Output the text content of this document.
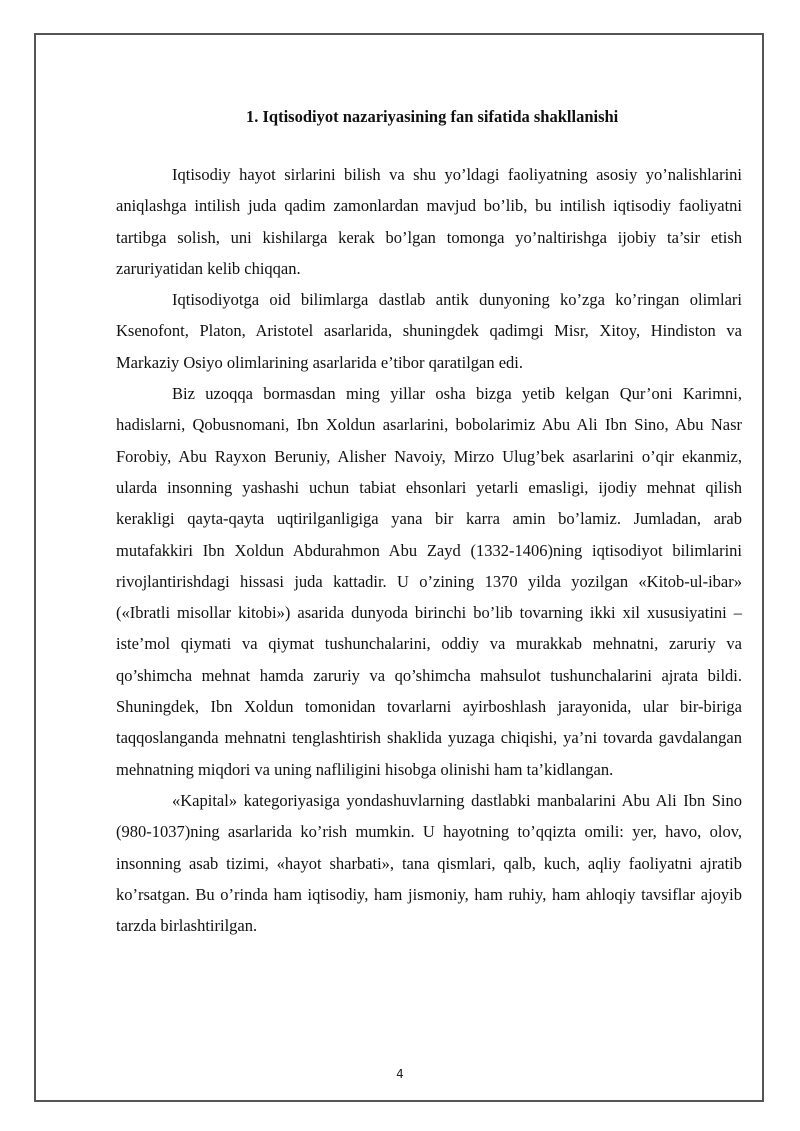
1. Iqtisodiyot nazariyasining fan sifatida shakllanishi

Iqtisodiy hayot sirlarini bilish va shu yo’ldagi faoliyatning asosiy yo’nalishlarini aniqlashga intilish juda qadim zamonlardan mavjud bo’lib, bu intilish iqtisodiy faoliyatni tartibga solish, uni kishilarga kerak bo’lgan tomonga yo’naltirishga ijobiy ta’sir etish zaruriyatidan kelib chiqqan.

Iqtisodiyotga oid bilimlarga dastlab antik dunyoning ko’zga ko’ringan olimlari Ksenofont, Platon, Aristotel asarlarida, shuningdek qadimgi Misr, Xitoy, Hindiston va Markaziy Osiyo olimlarining asarlarida e’tibor qaratilgan edi.

Biz uzoqqa bormasdan ming yillar osha bizga yetib kelgan Qur’oni Karimni, hadislarni, Qobusnomani, Ibn Xoldun asarlarini, bobolarimiz Abu Ali Ibn Sino, Abu Nasr Forobiy, Abu Rayxon Beruniy, Alisher Navoiy, Mirzo Ulug’bek asarlarini o’qir ekanmiz, ularda insonning yashashi uchun tabiat ehsonlari yetarli emasligi, ijodiy mehnat qilish kerakligi qayta-qayta uqtirilganligiga yana bir karra amin bo’lamiz. Jumladan, arab mutafakkiri Ibn Xoldun Abdurahmon Abu Zayd (1332-1406)ning iqtisodiyot bilimlarini rivojlantirishdagi hissasi juda kattadir. U o’zining 1370 yilda yozilgan «Kitob-ul-ibar» («Ibratli misollar kitobi») asarida dunyoda birinchi bo’lib tovarning ikki xil xususiyatini – iste’mol qiymati va qiymat tushunchalarini, oddiy va murakkab mehnatni, zaruriy va qo’shimcha mehnat hamda zaruriy va qo’shimcha mahsulot tushunchalarini ajrata bildi. Shuningdek, Ibn Xoldun tomonidan tovarlarni ayirboshlash jarayonida, ular bir-biriga taqqoslanganda mehnatni tenglashtirish shaklida yuzaga chiqishi, ya’ni tovarda gavdalangan mehnatning miqdori va uning nafliligini hisobga olinishi ham ta’kidlangan.

«Kapital» kategoriyasiga yondashuvlarning dastlabki manbalarini Abu Ali Ibn Sino (980-1037)ning asarlarida ko’rish mumkin. U hayotning to’qqizta omili: yer, havo, olov, insonning asab tizimi, «hayot sharbati», tana qismlari, qalb, kuch, aqliy faoliyatni ajratib ko’rsatgan. Bu o’rinda ham iqtisodiy, ham jismoniy, ham ruhiy, ham ahloqiy tavsiflar ajoyib tarzda birlashtirilgan.

4
